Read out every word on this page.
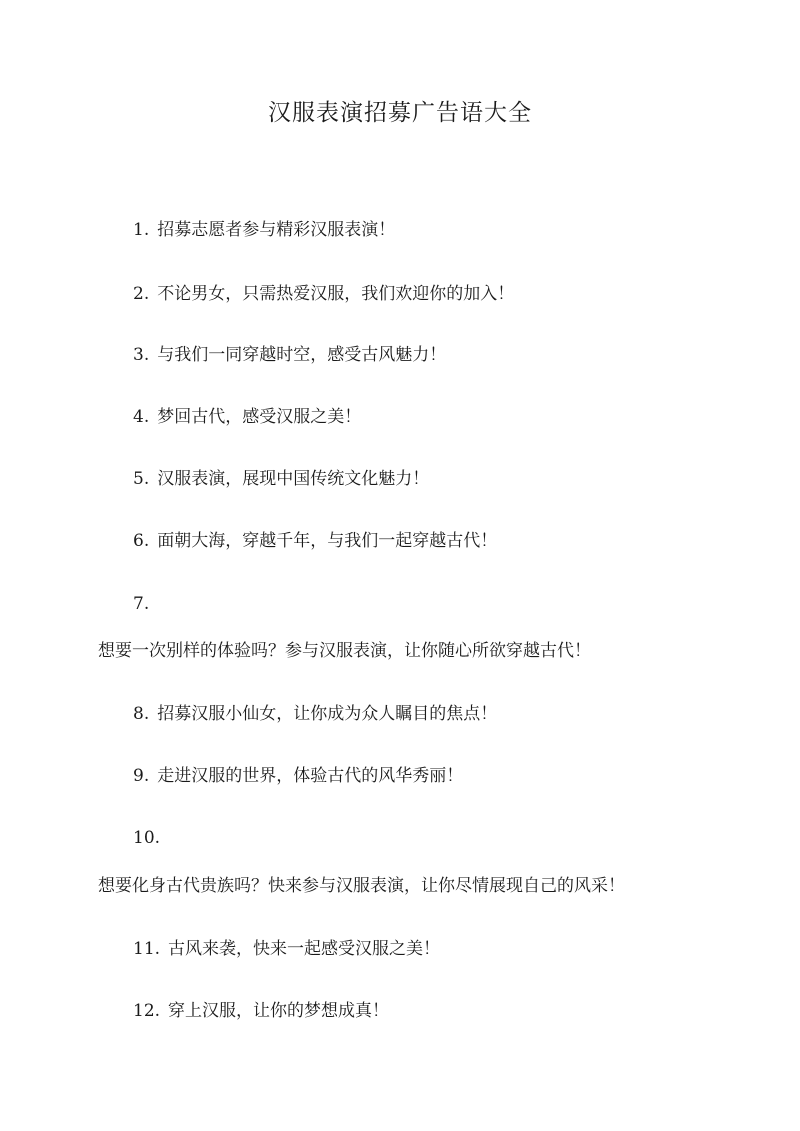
汉服表演招募广告语大全
1. 招募志愿者参与精彩汉服表演！
2. 不论男女，只需热爱汉服，我们欢迎你的加入！
3. 与我们一同穿越时空，感受古风魅力！
4. 梦回古代，感受汉服之美！
5. 汉服表演，展现中国传统文化魅力！
6. 面朝大海，穿越千年，与我们一起穿越古代！
7.
想要一次别样的体验吗？参与汉服表演，让你随心所欲穿越古代！
8. 招募汉服小仙女，让你成为众人瞩目的焦点！
9. 走进汉服的世界，体验古代的风华秀丽！
10.
想要化身古代贵族吗？快来参与汉服表演，让你尽情展现自己的风采！
11. 古风来袭，快来一起感受汉服之美！
12. 穿上汉服，让你的梦想成真！
